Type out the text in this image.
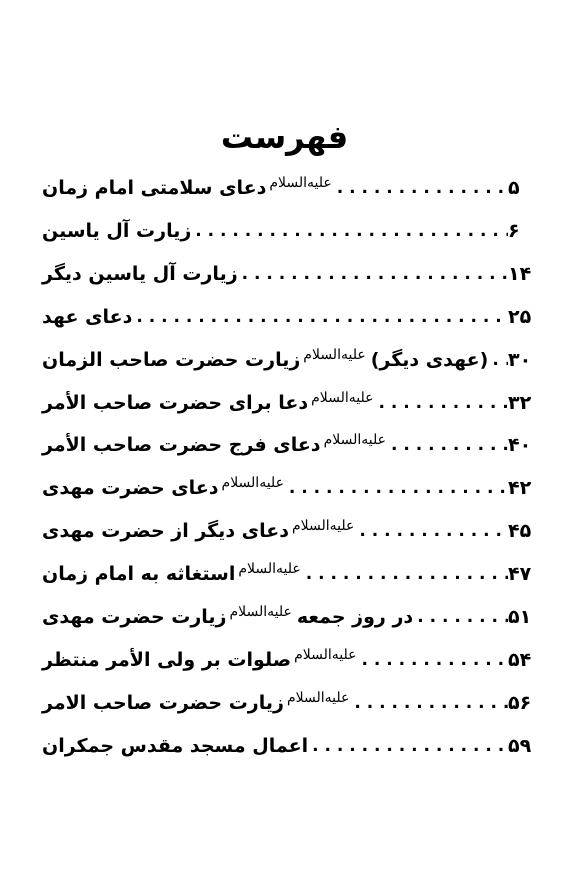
فهرست
دعای سلامتی امام زمان علیه‌السلام . . .	۵
زیارت آل یاسین . . .	۶
زیارت آل یاسین دیگر . . .	۱۴
دعای عهد . . .	۲۵
زیارت حضرت صاحب الزمان علیه‌السلام (عهدی دیگر) . . . ۳۰
دعا برای حضرت صاحب الأمر علیه‌السلام . . .	۳۲
دعای فرج حضرت صاحب الأمر علیه‌السلام . . .	۴۰
دعای حضرت مهدی علیه‌السلام . . .	۴۲
دعای دیگر از حضرت مهدی علیه‌السلام . . .	۴۵
استغاثه به امام زمان علیه‌السلام . . .	۴۷
زیارت حضرت مهدی علیه‌السلام در روز جمعه . . .	۵۱
صلوات بر ولی الأمر منتظر علیه‌السلام . . .	۵۴
زیارت حضرت صاحب الامر علیه‌السلام . . .	۵۶
اعمال مسجد مقدس جمکران . . .	۵۹
